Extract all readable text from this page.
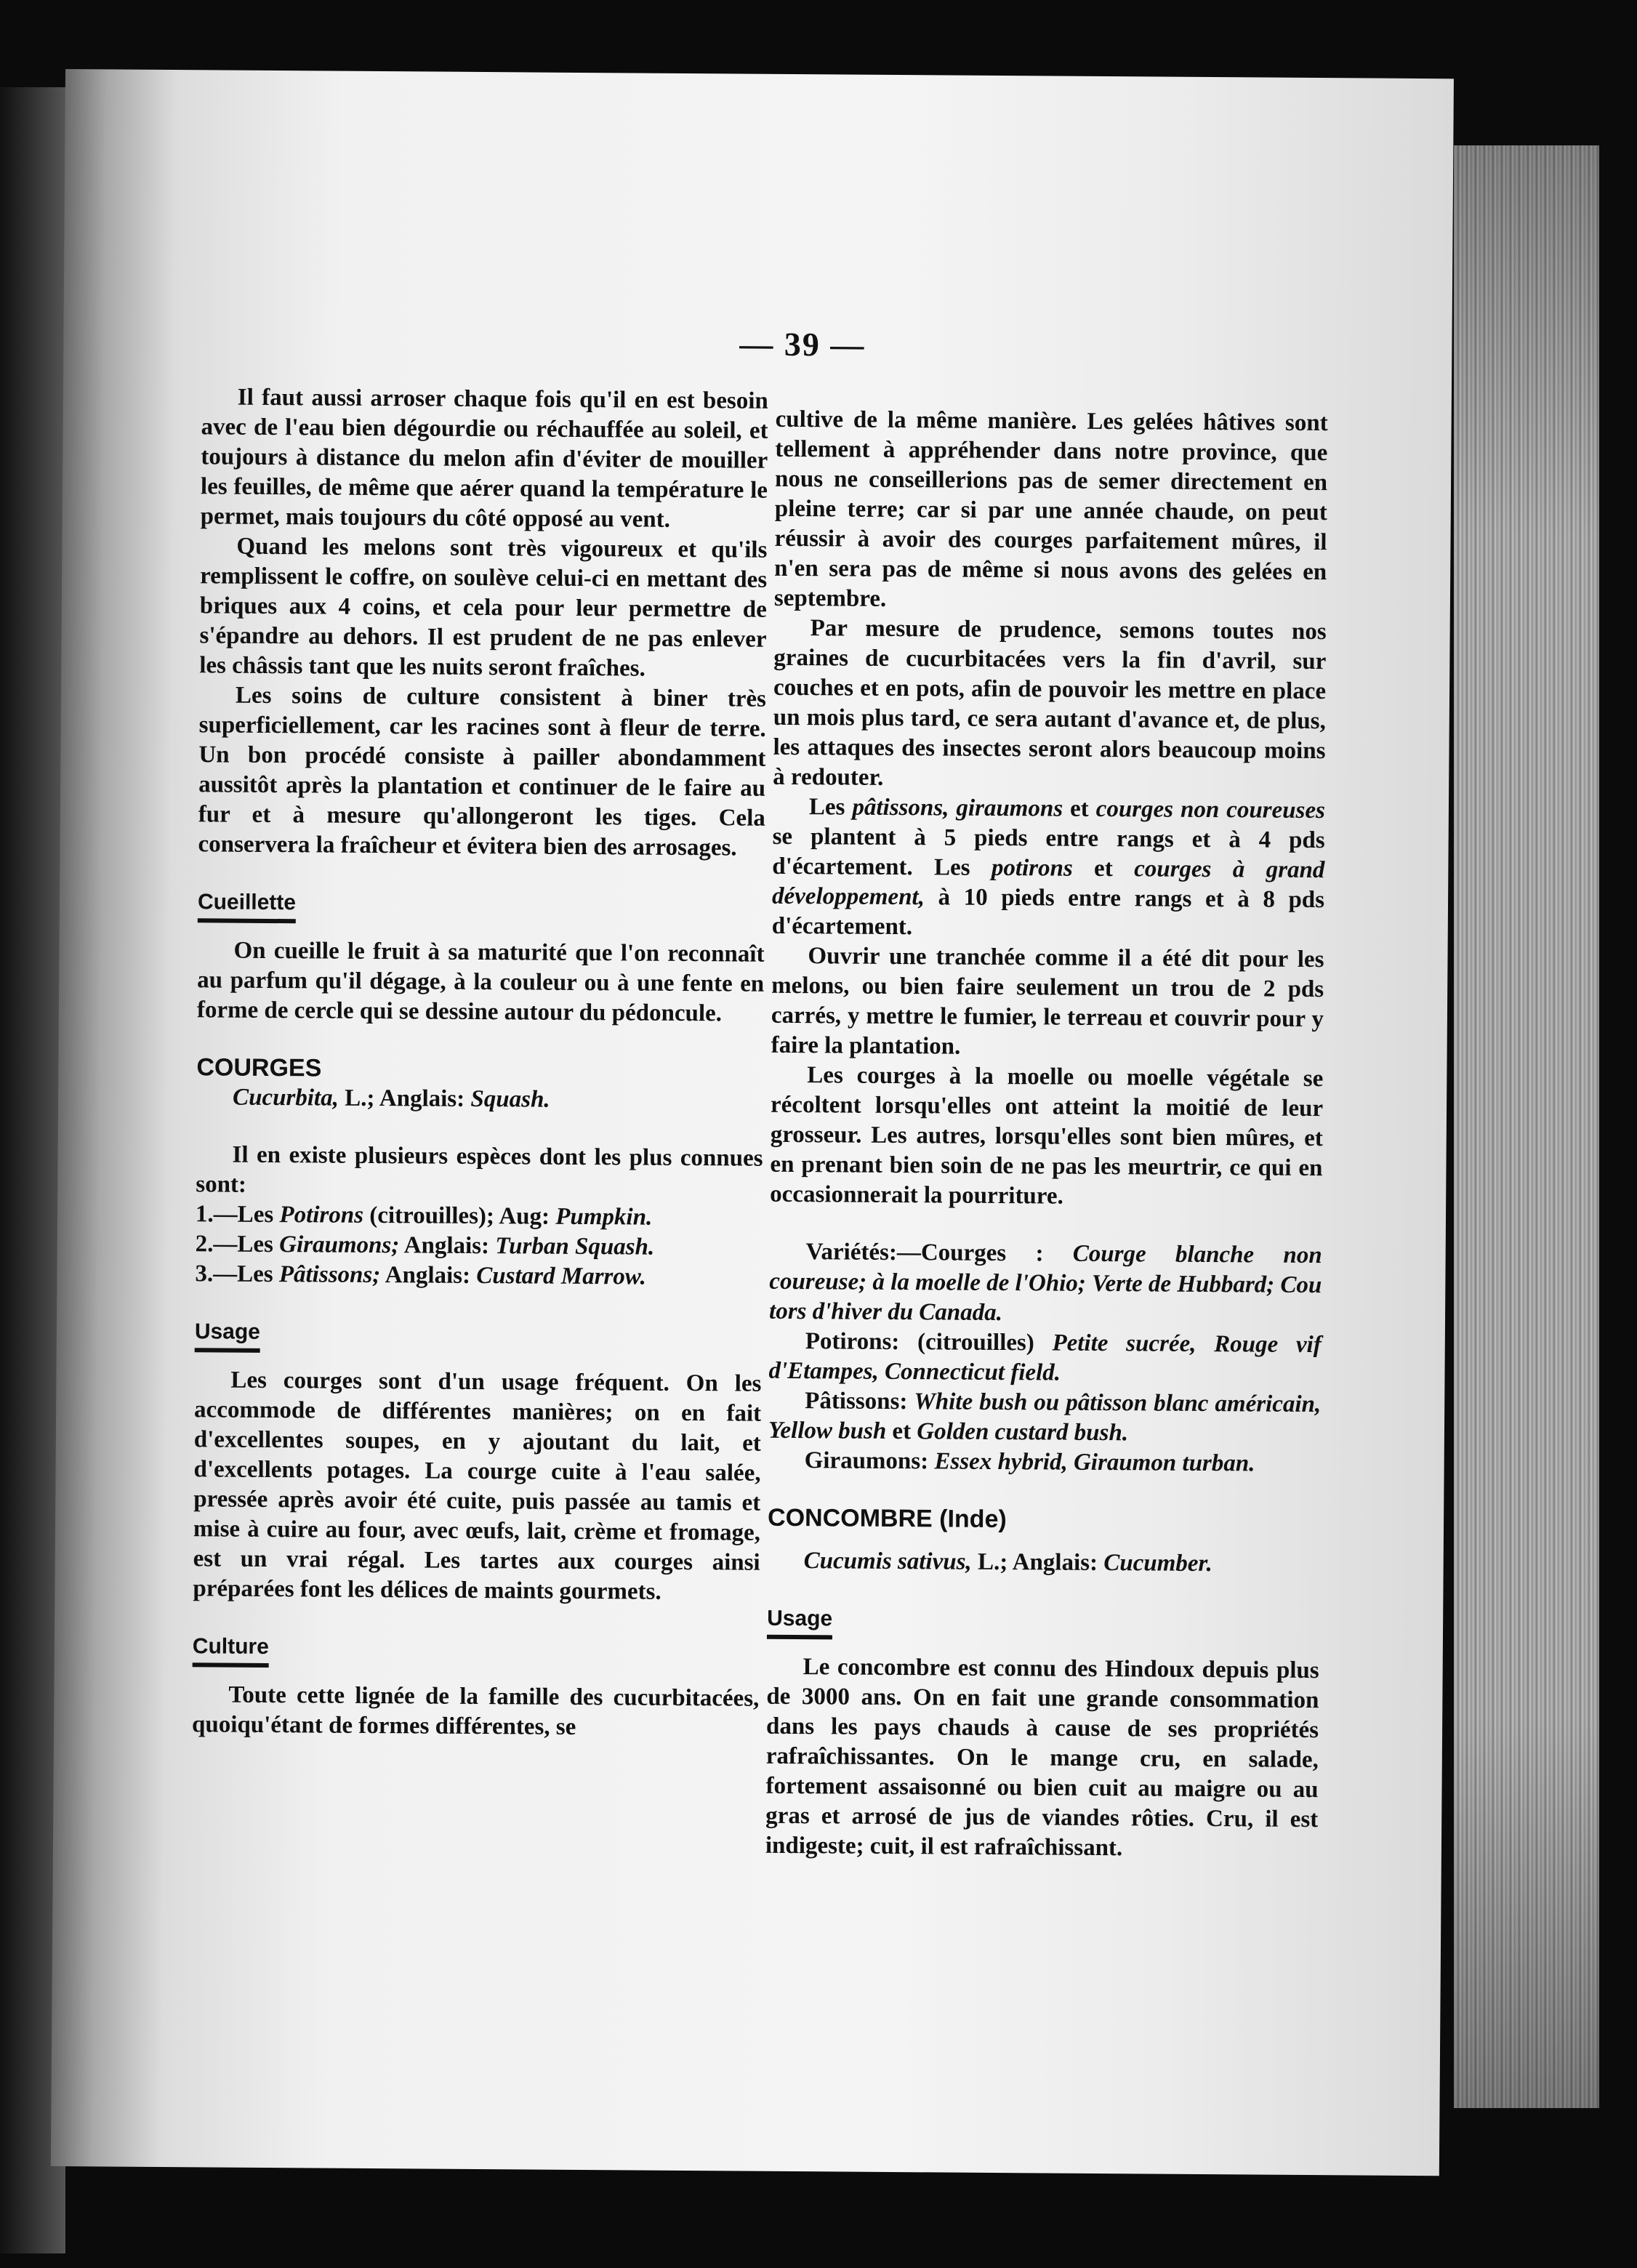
— 39 —

Il faut aussi arroser chaque fois qu'il en est besoin avec de l'eau bien dégourdie ou réchauffée au soleil, et toujours à distance du melon afin d'éviter de mouiller les feuilles, de même que aérer quand la température le permet, mais toujours du côté opposé au vent.

Quand les melons sont très vigoureux et qu'ils remplissent le coffre, on soulève celui-ci en mettant des briques aux 4 coins, et cela pour leur permettre de s'épandre au dehors. Il est prudent de ne pas enlever les châssis tant que les nuits seront fraîches.

Les soins de culture consistent à biner très superficiellement, car les racines sont à fleur de terre. Un bon procédé consiste à pailler abondamment aussitôt après la plantation et continuer de le faire au fur et à mesure qu'allongeront les tiges. Cela conservera la fraîcheur et évitera bien des arrosages.

Cueillette

On cueille le fruit à sa maturité que l'on reconnaît au parfum qu'il dégage, à la couleur ou à une fente en forme de cercle qui se dessine autour du pédoncule.

COURGES

Cucurbita, L.; Anglais: Squash.

Il en existe plusieurs espèces dont les plus connues sont:

1.—Les Potirons (citrouilles); Aug: Pumpkin.

2.—Les Giraumons; Anglais: Turban Squash.

3.—Les Pâtissons; Anglais: Custard Marrow.

Usage

Les courges sont d'un usage fréquent. On les accommode de différentes manières; on en fait d'excellentes soupes, en y ajoutant du lait, et d'excellents potages. La courge cuite à l'eau salée, pressée après avoir été cuite, puis passée au tamis et mise à cuire au four, avec œufs, lait, crème et fromage, est un vrai régal. Les tartes aux courges ainsi préparées font les délices de maints gourmets.

Culture

Toute cette lignée de la famille des cucurbitacées, quoiqu'étant de formes différentes, se

cultive de la même manière. Les gelées hâtives sont tellement à appréhender dans notre province, que nous ne conseillerions pas de semer directement en pleine terre; car si par une année chaude, on peut réussir à avoir des courges parfaitement mûres, il n'en sera pas de même si nous avons des gelées en septembre.

Par mesure de prudence, semons toutes nos graines de cucurbitacées vers la fin d'avril, sur couches et en pots, afin de pouvoir les mettre en place un mois plus tard, ce sera autant d'avance et, de plus, les attaques des insectes seront alors beaucoup moins à redouter.

Les pâtissons, giraumons et courges non coureuses se plantent à 5 pieds entre rangs et à 4 pds d'écartement. Les potirons et courges à grand développement, à 10 pieds entre rangs et à 8 pds d'écartement.

Ouvrir une tranchée comme il a été dit pour les melons, ou bien faire seulement un trou de 2 pds carrés, y mettre le fumier, le terreau et couvrir pour y faire la plantation.

Les courges à la moelle ou moelle végétale se récoltent lorsqu'elles ont atteint la moitié de leur grosseur. Les autres, lorsqu'elles sont bien mûres, et en prenant bien soin de ne pas les meurtrir, ce qui en occasionnerait la pourriture.

Variétés:—Courges : Courge blanche non coureuse; à la moelle de l'Ohio; Verte de Hubbard; Cou tors d'hiver du Canada.

Potirons: (citrouilles) Petite sucrée, Rouge vif d'Etampes, Connecticut field.

Pâtissons: White bush ou pâtisson blanc américain, Yellow bush et Golden custard bush.

Giraumons: Essex hybrid, Giraumon turban.

CONCOMBRE (Inde)

Cucumis sativus, L.; Anglais: Cucumber.

Usage

Le concombre est connu des Hindoux depuis plus de 3000 ans. On en fait une grande consommation dans les pays chauds à cause de ses propriétés rafraîchissantes. On le mange cru, en salade, fortement assaisonné ou bien cuit au maigre ou au gras et arrosé de jus de viandes rôties. Cru, il est indigeste; cuit, il est rafraîchissant.
